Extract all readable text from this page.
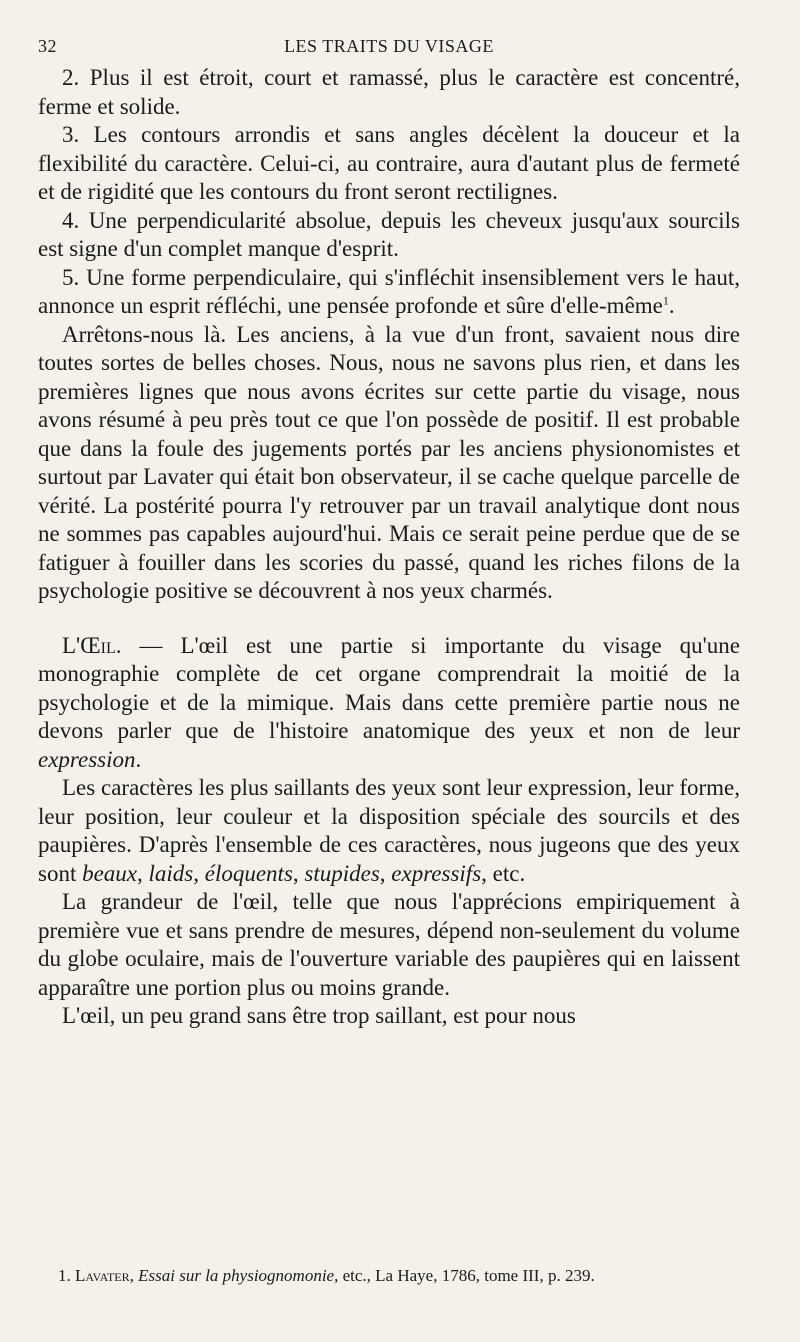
32	LES TRAITS DU VISAGE

2. Plus il est étroit, court et ramassé, plus le caractère est concentré, ferme et solide.

3. Les contours arrondis et sans angles décèlent la douceur et la flexibilité du caractère. Celui-ci, au contraire, aura d'autant plus de fermeté et de rigidité que les contours du front seront rectilignes.

4. Une perpendicularité absolue, depuis les cheveux jusqu'aux sourcils est signe d'un complet manque d'esprit.

5. Une forme perpendiculaire, qui s'infléchit insensiblement vers le haut, annonce un esprit réfléchi, une pensée profonde et sûre d'elle-même$^1$.

Arrêtons-nous là. Les anciens, à la vue d'un front, savaient nous dire toutes sortes de belles choses. Nous, nous ne savons plus rien, et dans les premières lignes que nous avons écrites sur cette partie du visage, nous avons résumé à peu près tout ce que l'on possède de positif. Il est probable que dans la foule des jugements portés par les anciens physionomistes et surtout par Lavater qui était bon observateur, il se cache quelque parcelle de vérité. La postérité pourra l'y retrouver par un travail analytique dont nous ne sommes pas capables aujourd'hui. Mais ce serait peine perdue que de se fatiguer à fouiller dans les scories du passé, quand les riches filons de la psychologie positive se découvrent à nos yeux charmés.

L'Œil. — L'œil est une partie si importante du visage qu'une monographie complète de cet organe comprendrait la moitié de la psychologie et de la mimique. Mais dans cette première partie nous ne devons parler que de l'histoire anatomique des yeux et non de leur expression.

Les caractères les plus saillants des yeux sont leur expression, leur forme, leur position, leur couleur et la disposition spéciale des sourcils et des paupières. D'après l'ensemble de ces caractères, nous jugeons que des yeux sont beaux, laids, éloquents, stupides, expressifs, etc.

La grandeur de l'œil, telle que nous l'apprécions empiriquement à première vue et sans prendre de mesures, dépend non-seulement du volume du globe oculaire, mais de l'ouverture variable des paupières qui en laissent apparaître une portion plus ou moins grande.

L'œil, un peu grand sans être trop saillant, est pour nous

1. Lavater, Essai sur la physiognomonie, etc., La Haye, 1786, tome III, p. 239.
